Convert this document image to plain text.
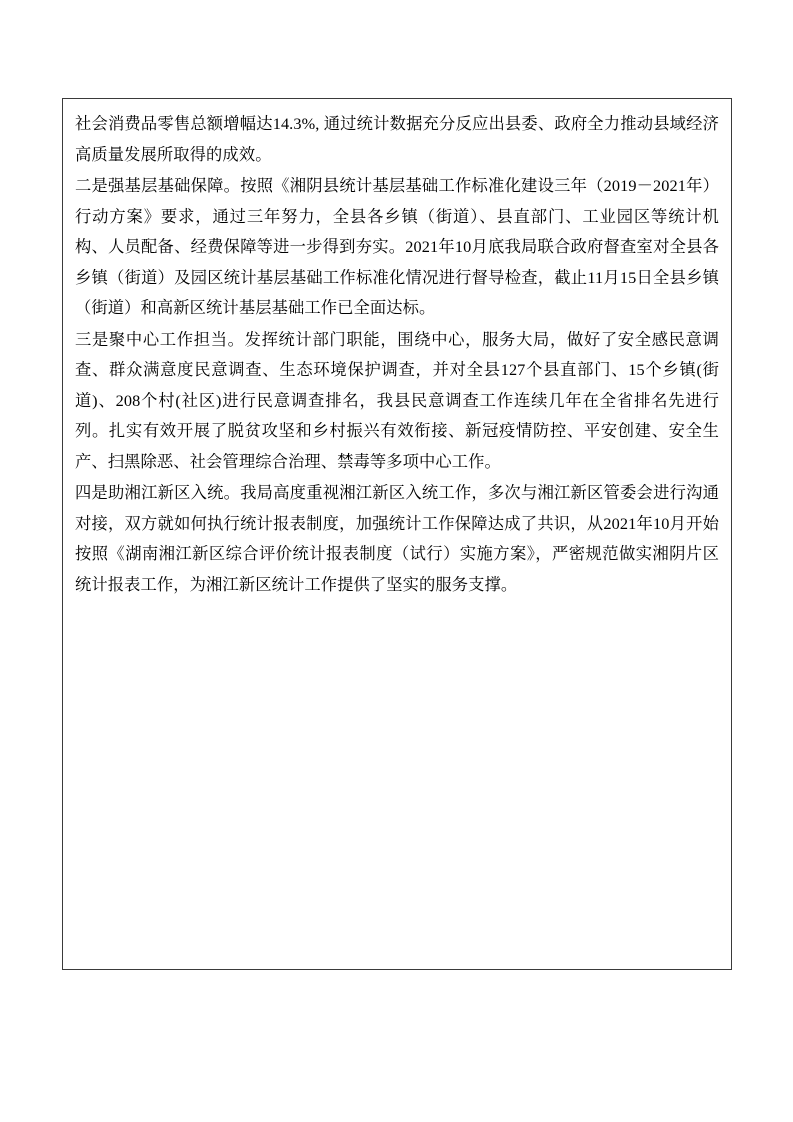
社会消费品零售总额增幅达14.3%, 通过统计数据充分反应出县委、政府全力推动县域经济高质量发展所取得的成效。

二是强基层基础保障。按照《湘阴县统计基层基础工作标准化建设三年（2019－2021年）行动方案》要求，通过三年努力，全县各乡镇（街道）、县直部门、工业园区等统计机构、人员配备、经费保障等进一步得到夯实。2021年10月底我局联合政府督查室对全县各乡镇（街道）及园区统计基层基础工作标准化情况进行督导检查，截止11月15日全县乡镇（街道）和高新区统计基层基础工作已全面达标。

三是聚中心工作担当。发挥统计部门职能，围绕中心，服务大局，做好了安全感民意调查、群众满意度民意调查、生态环境保护调查，并对全县127个县直部门、15个乡镇(街道)、208个村(社区)进行民意调查排名，我县民意调查工作连续几年在全省排名先进行列。扎实有效开展了脱贫攻坚和乡村振兴有效衔接、新冠疫情防控、平安创建、安全生产、扫黑除恶、社会管理综合治理、禁毒等多项中心工作。

四是助湘江新区入统。我局高度重视湘江新区入统工作，多次与湘江新区管委会进行沟通对接，双方就如何执行统计报表制度，加强统计工作保障达成了共识，从2021年10月开始按照《湖南湘江新区综合评价统计报表制度（试行）实施方案》，严密规范做实湘阴片区统计报表工作，为湘江新区统计工作提供了坚实的服务支撑。
